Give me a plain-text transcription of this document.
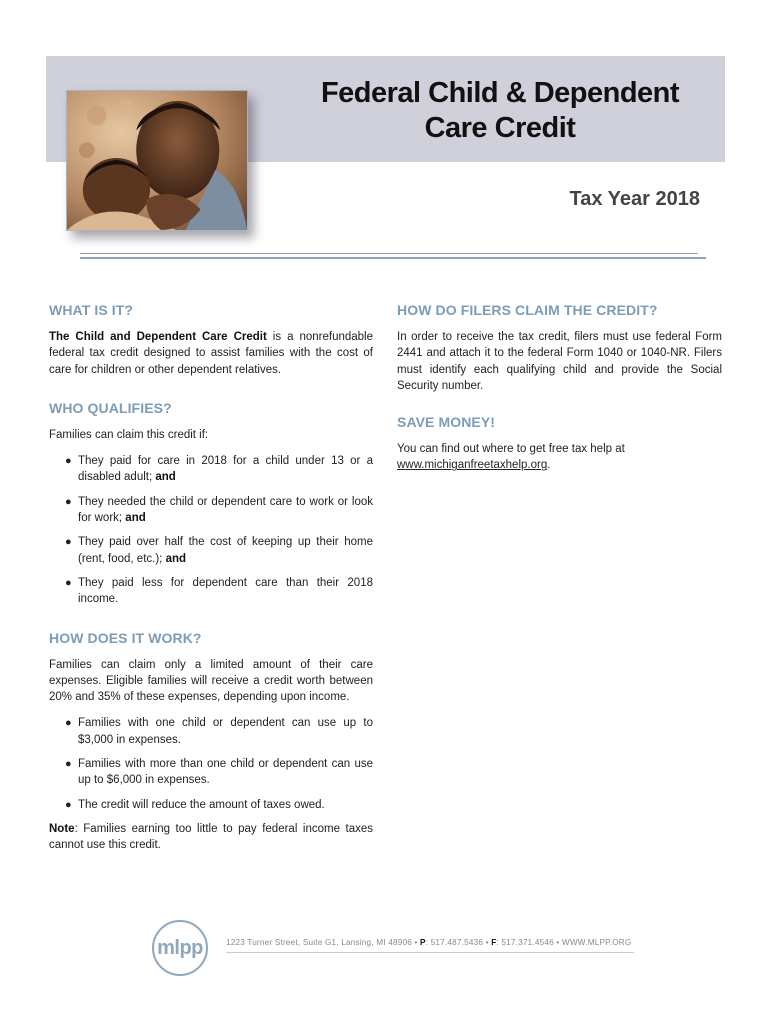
Federal Child & Dependent
Care Credit
Tax Year 2018
WHAT IS IT?

The Child and Dependent Care Credit is a nonrefundable federal tax credit designed to assist families with the cost of care for children or other dependent relatives.

WHO QUALIFIES?

Families can claim this credit if:

● They paid for care in 2018 for a child under 13 or a disabled adult; and
● They needed the child or dependent care to work or look for work; and
● They paid over half the cost of keeping up their home (rent, food, etc.); and
● They paid less for dependent care than their 2018 income.
HOW DOES IT WORK?

Families can claim only a limited amount of their care expenses. Eligible families will receive a credit worth between 20% and 35% of these expenses, depending upon income.

● Families with one child or dependent can use up to $3,000 in expenses.
● Families with more than one child or dependent can use up to $6,000 in expenses.
● The credit will reduce the amount of taxes owed.

Note: Families earning too little to pay federal income taxes cannot use this credit.

HOW DO FILERS CLAIM THE CREDIT?

In order to receive the tax credit, filers must use federal Form 2441 and attach it to the federal Form 1040 or 1040-NR. Filers must identify each qualifying child and provide the Social Security number.

SAVE MONEY!

You can find out where to get free tax help at www.michiganfreetaxhelp.org.

mlpp	1223 Turner Street, Suite G1, Lansing, MI 48906 • P: 517.487.5436 • F: 517.371.4546 • WWW.MLPP.ORG
